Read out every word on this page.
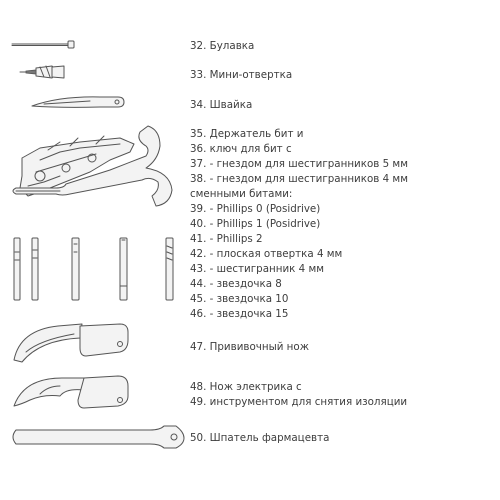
32. Булавка
33. Мини-отвертка
34. Швайка
35. Держатель бит и
36. ключ для бит с
37. - гнездом для шестигранников 5 мм
38. - гнездом для шестигранников 4 мм
сменными битами:
39. - Phillips 0 (Posidrive)
40. - Phillips 1 (Posidrive)
41. - Phillips 2
42. - плоская отвертка 4 мм
43. - шестигранник 4 мм
44. - звездочка 8
45. - звездочка 10
46. - звездочка 15
47. Прививочный нож
48. Нож электрика с
49. инструментом для снятия изоляции
50. Шпатель фармацевта
